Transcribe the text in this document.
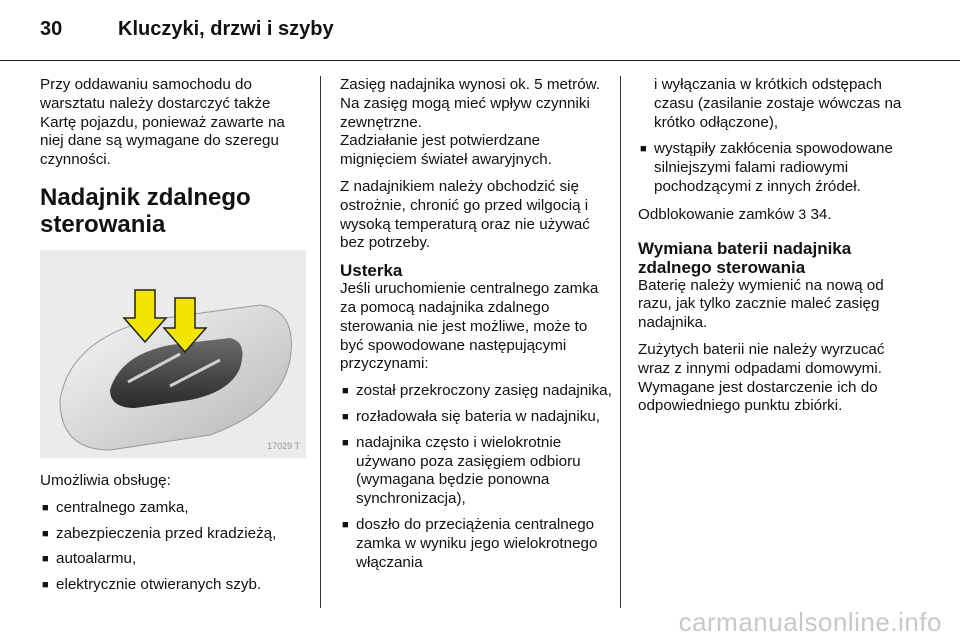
30	Kluczyki, drzwi i szyby

Przy oddawaniu samochodu do warsztatu należy dostarczyć także Kartę pojazdu, ponieważ zawarte na niej dane są wymagane do szeregu czynności.

Nadajnik zdalnego
sterowania
17029 T

Umożliwia obsługę:

■ centralnego zamka,
■ zabezpieczenia przed kradzieżą,
■ autoalarmu,
■ elektrycznie otwieranych szyb.

Zasięg nadajnika wynosi ok. 5 metrów. Na zasięg mogą mieć wpływ czynniki zewnętrzne.

Zadziałanie jest potwierdzane mignięciem świateł awaryjnych.

Z nadajnikiem należy obchodzić się ostrożnie, chronić go przed wilgocią i wysoką temperaturą oraz nie używać bez potrzeby.

Usterka

Jeśli uruchomienie centralnego zamka za pomocą nadajnika zdalnego sterowania nie jest możliwe, może to być spowodowane następującymi przyczynami:

■ został przekroczony zasięg nadajnika,
■ rozładowała się bateria w nadajniku,
■ nadajnika często i wielokrotnie używano poza zasięgiem odbioru (wymagana będzie ponowna synchronizacja),
■ doszło do przeciążenia centralnego zamka w wyniku jego wielokrotnego włączania

i wyłączania w krótkich odstępach czasu (zasilanie zostaje wówczas na krótko odłączone),

■ wystąpiły zakłócenia spowodowane silniejszymi falami radiowymi pochodzącymi z innych źródeł.

Odblokowanie zamków 3 34.

Wymiana baterii nadajnika zdalnego sterowania

Baterię należy wymienić na nową od razu, jak tylko zacznie maleć zasięg nadajnika.

Zużytych baterii nie należy wyrzucać wraz z innymi odpadami domowymi. Wymagane jest dostarczenie ich do odpowiedniego punktu zbiórki.

carmanualsonline.info
